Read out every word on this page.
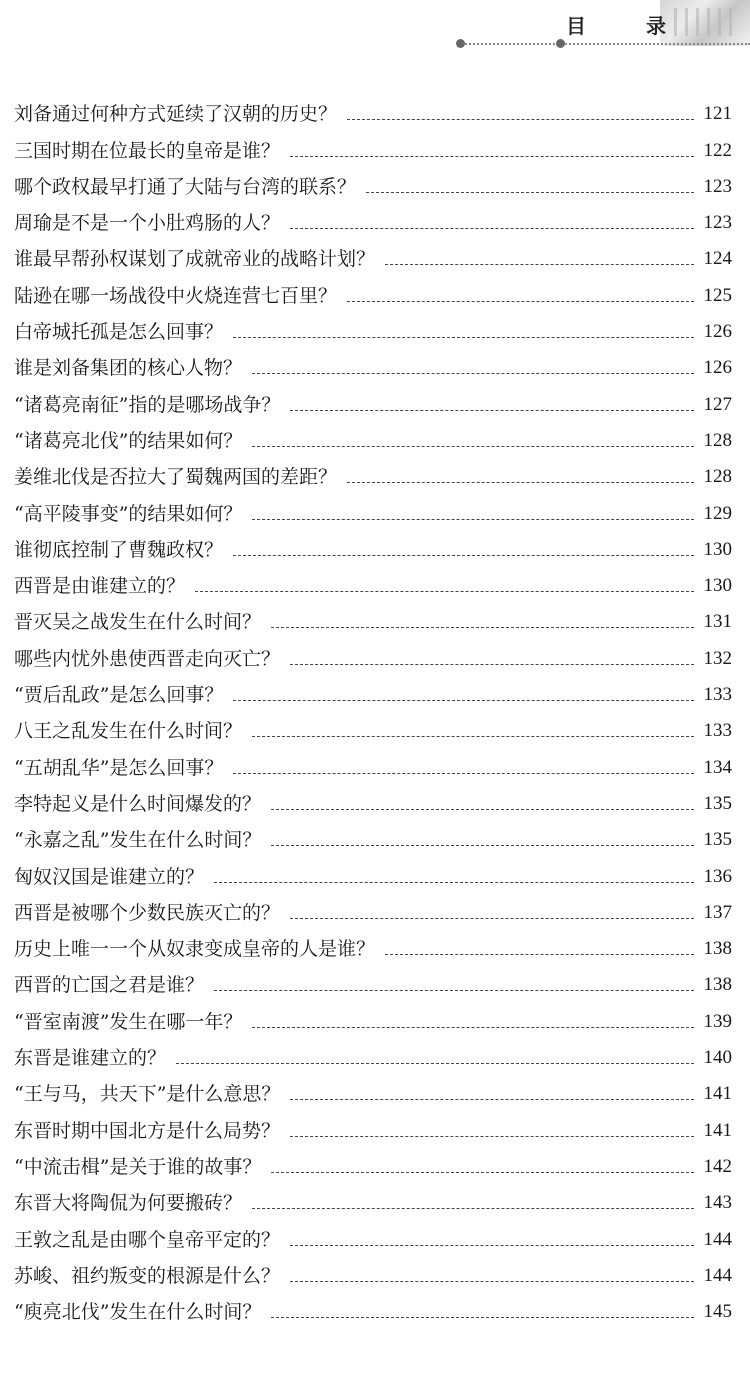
目	录
刘备通过何种方式延续了汉朝的历史？	121
三国时期在位最长的皇帝是谁？	122
哪个政权最早打通了大陆与台湾的联系？	123
周瑜是不是一个小肚鸡肠的人？	123
谁最早帮孙权谋划了成就帝业的战略计划？	124
陆逊在哪一场战役中火烧连营七百里？	125
白帝城托孤是怎么回事？	126
谁是刘备集团的核心人物？	126
“诸葛亮南征”指的是哪场战争？	127
“诸葛亮北伐”的结果如何？	128
姜维北伐是否拉大了蜀魏两国的差距？	128
“高平陵事变”的结果如何？	129
谁彻底控制了曹魏政权？	130
西晋是由谁建立的？	130
晋灭吴之战发生在什么时间？	131
哪些内忧外患使西晋走向灭亡？	132
“贾后乱政”是怎么回事？	133
八王之乱发生在什么时间？	133
“五胡乱华”是怎么回事？	134
李特起义是什么时间爆发的？	135
“永嘉之乱”发生在什么时间？	135
匈奴汉国是谁建立的？	136
西晋是被哪个少数民族灭亡的？	137
历史上唯一一个从奴隶变成皇帝的人是谁？	138
西晋的亡国之君是谁？	138
“晋室南渡”发生在哪一年？	139
东晋是谁建立的？	140
“王与马，共天下”是什么意思？	141
东晋时期中国北方是什么局势？	141
“中流击楫”是关于谁的故事？	142
东晋大将陶侃为何要搬砖？	143
王敦之乱是由哪个皇帝平定的？	144
苏峻、祖约叛变的根源是什么？	144
“庾亮北伐”发生在什么时间？	145
